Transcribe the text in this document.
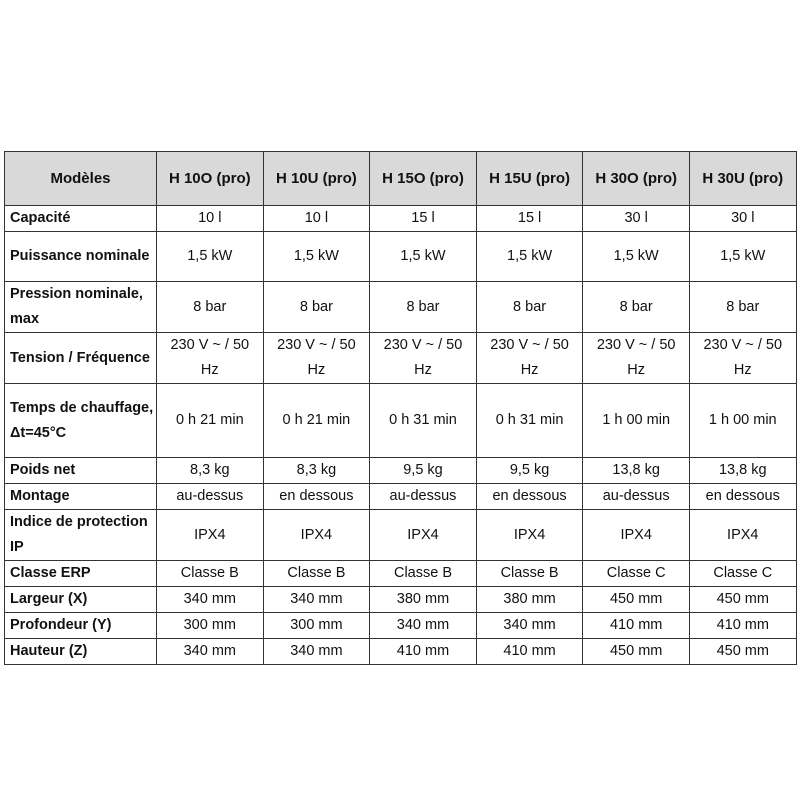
Modèles	H 10O (pro)	H 10U (pro)	H 15O (pro)	H 15U (pro)	H 30O (pro)	H 30U (pro)
Capacité	10 l	10 l	15 l	15 l	30 l	30 l
Puissance nominale	1,5 kW	1,5 kW	1,5 kW	1,5 kW	1,5 kW	1,5 kW
Pression nominale, max	8 bar	8 bar	8 bar	8 bar	8 bar	8 bar
Tension / Fréquence	230 V ~ / 50 Hz	230 V ~ / 50 Hz	230 V ~ / 50 Hz	230 V ~ / 50 Hz	230 V ~ / 50 Hz	230 V ~ / 50 Hz
Temps de chauffage, Δt=45°C	0 h 21 min	0 h 21 min	0 h 31 min	0 h 31 min	1 h 00 min	1 h 00 min
Poids net	8,3 kg	8,3 kg	9,5 kg	9,5 kg	13,8 kg	13,8 kg
Montage	au-dessus	en dessous	au-dessus	en dessous	au-dessus	en dessous
Indice de protection IP	IPX4	IPX4	IPX4	IPX4	IPX4	IPX4
Classe ERP	Classe B	Classe B	Classe B	Classe B	Classe C	Classe C
Largeur (X)	340 mm	340 mm	380 mm	380 mm	450 mm	450 mm
Profondeur (Y)	300 mm	300 mm	340 mm	340 mm	410 mm	410 mm
Hauteur (Z)	340 mm	340 mm	410 mm	410 mm	450 mm	450 mm
